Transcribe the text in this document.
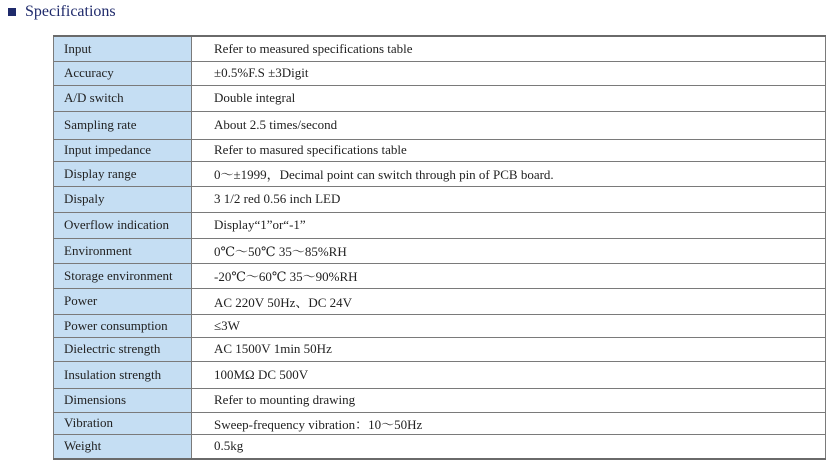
Specifications
Input	Refer to measured specifications table
Accuracy	±0.5%F.S ±3Digit
A/D switch	Double integral
Sampling rate	About 2.5 times/second
Input impedance	Refer to masured specifications table
Display range	0～±1999，Decimal point can switch through pin of PCB board.
Dispaly	3 1/2 red 0.56 inch LED
Overflow indication	Display“1”or“-1”
Environment	0℃～50℃ 35～85%RH
Storage environment	-20℃～60℃ 35～90%RH
Power	AC 220V 50Hz、DC 24V
Power consumption	≤3W
Dielectric strength	AC 1500V 1min 50Hz
Insulation strength	100MΩ DC 500V
Dimensions	Refer to mounting drawing
Vibration	Sweep-frequency vibration：10～50Hz
Weight	0.5kg
